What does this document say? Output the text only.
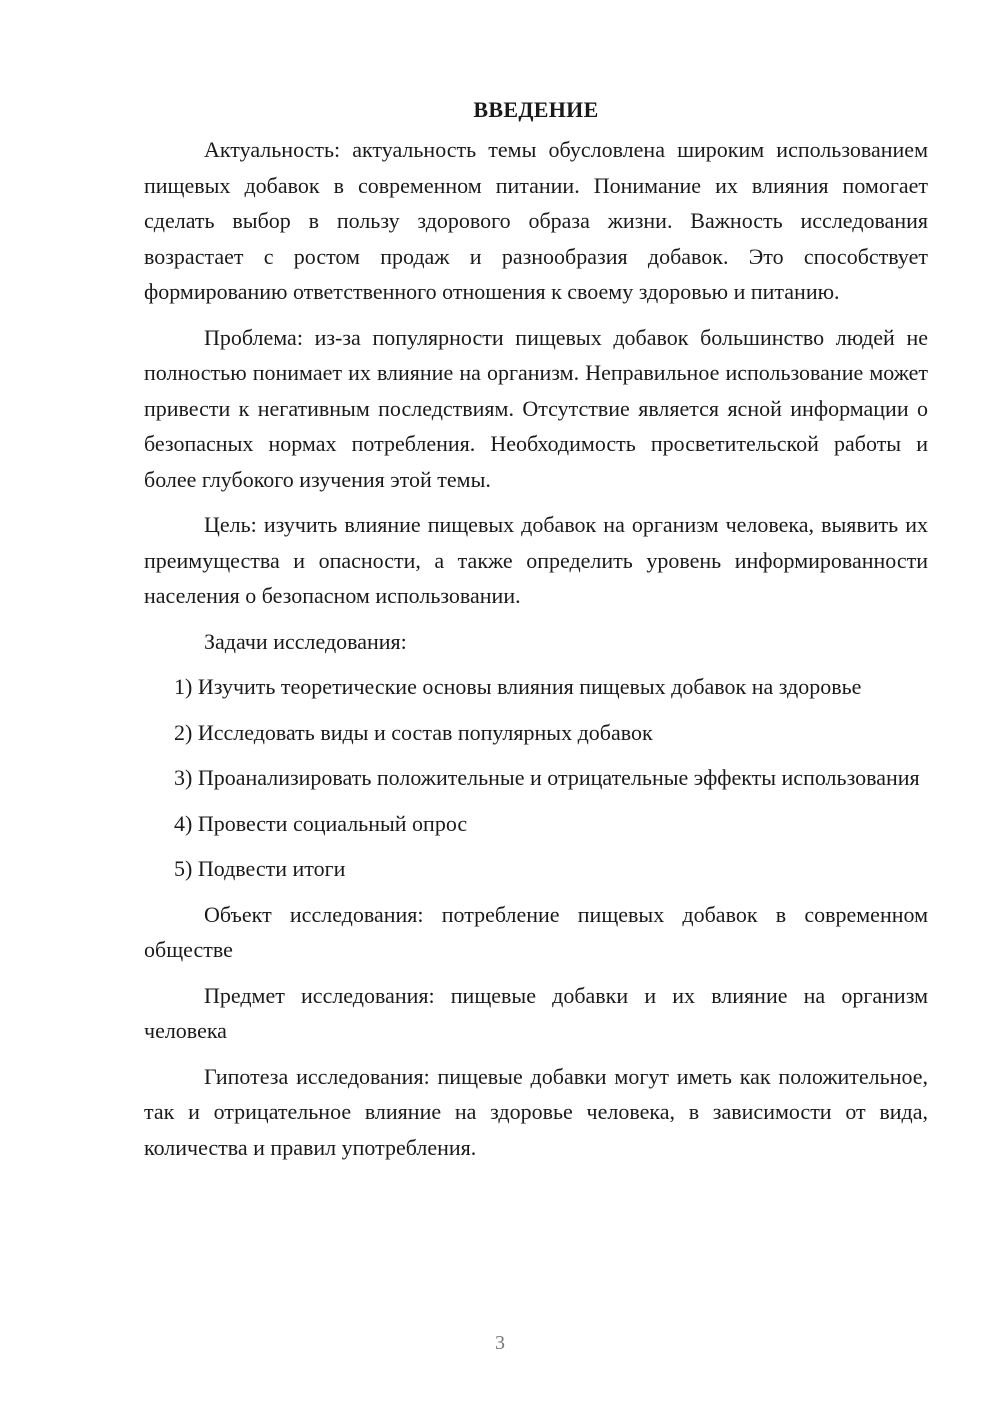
ВВЕДЕНИЕ

Актуальность: актуальность темы обусловлена широким использованием пищевых добавок в современном питании. Понимание их влияния помогает сделать выбор в пользу здорового образа жизни. Важность исследования возрастает с ростом продаж и разнообразия добавок. Это способствует формированию ответственного отношения к своему здоровью и питанию.

Проблема: из-за популярности пищевых добавок большинство людей не полностью понимает их влияние на организм. Неправильное использование может привести к негативным последствиям. Отсутствие является ясной информации о безопасных нормах потребления. Необходимость просветительской работы и более глубокого изучения этой темы.

Цель: изучить влияние пищевых добавок на организм человека, выявить их преимущества и опасности, а также определить уровень информированности населения о безопасном использовании.

Задачи исследования:

1) Изучить теоретические основы влияния пищевых добавок на здоровье

2) Исследовать виды и состав популярных добавок

3) Проанализировать положительные и отрицательные эффекты использования

4) Провести социальный опрос

5) Подвести итоги

Объект исследования: потребление пищевых добавок в современном обществе

Предмет исследования: пищевые добавки и их влияние на организм человека

Гипотеза исследования: пищевые добавки могут иметь как положительное, так и отрицательное влияние на здоровье человека, в зависимости от вида, количества и правил употребления.

3
